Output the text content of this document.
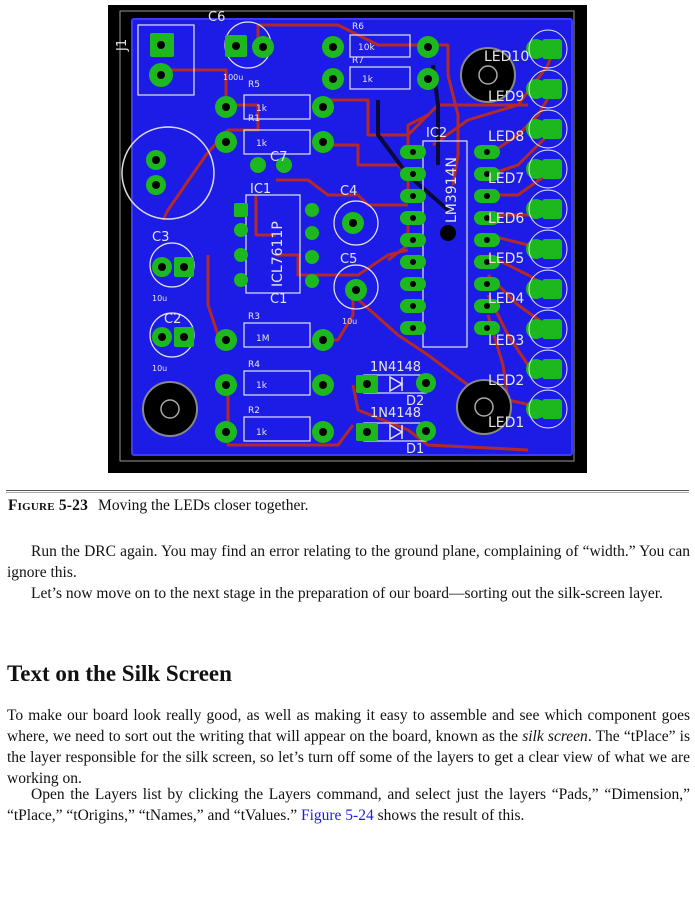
J1
C6
100u
R6
10k
R7
1k
R5
1k
R1
1k
C7
IC1
ICL7611P
C4
C5
10u
C3
10u
C2
10u
C1
R3
1M
R4
1k
R2
1k
IC2
LM3914N
1N4148
D2
1N4148
D1
LED10
LED9
LED8
LED7
LED6
LED5
LED4
LED3
LED2
LED1
Figure 5-23 Moving the LEDs closer together.

Run the DRC again. You may find an error relating to the ground plane, complaining of “width.” You can ignore this.

Let’s now move on to the next stage in the preparation of our board—sorting out the silk-screen layer.

Text on the Silk Screen

To make our board look really good, as well as making it easy to assemble and see which component goes where, we need to sort out the writing that will appear on the board, known as the silk screen. The “tPlace” is the layer responsible for the silk screen, so let’s turn off some of the layers to get a clear view of what we are working on.

Open the Layers list by clicking the Layers command, and select just the layers “Pads,” “Dimension,” “tPlace,” “tOrigins,” “tNames,” and “tValues.” Figure 5-24 shows the result of this.
